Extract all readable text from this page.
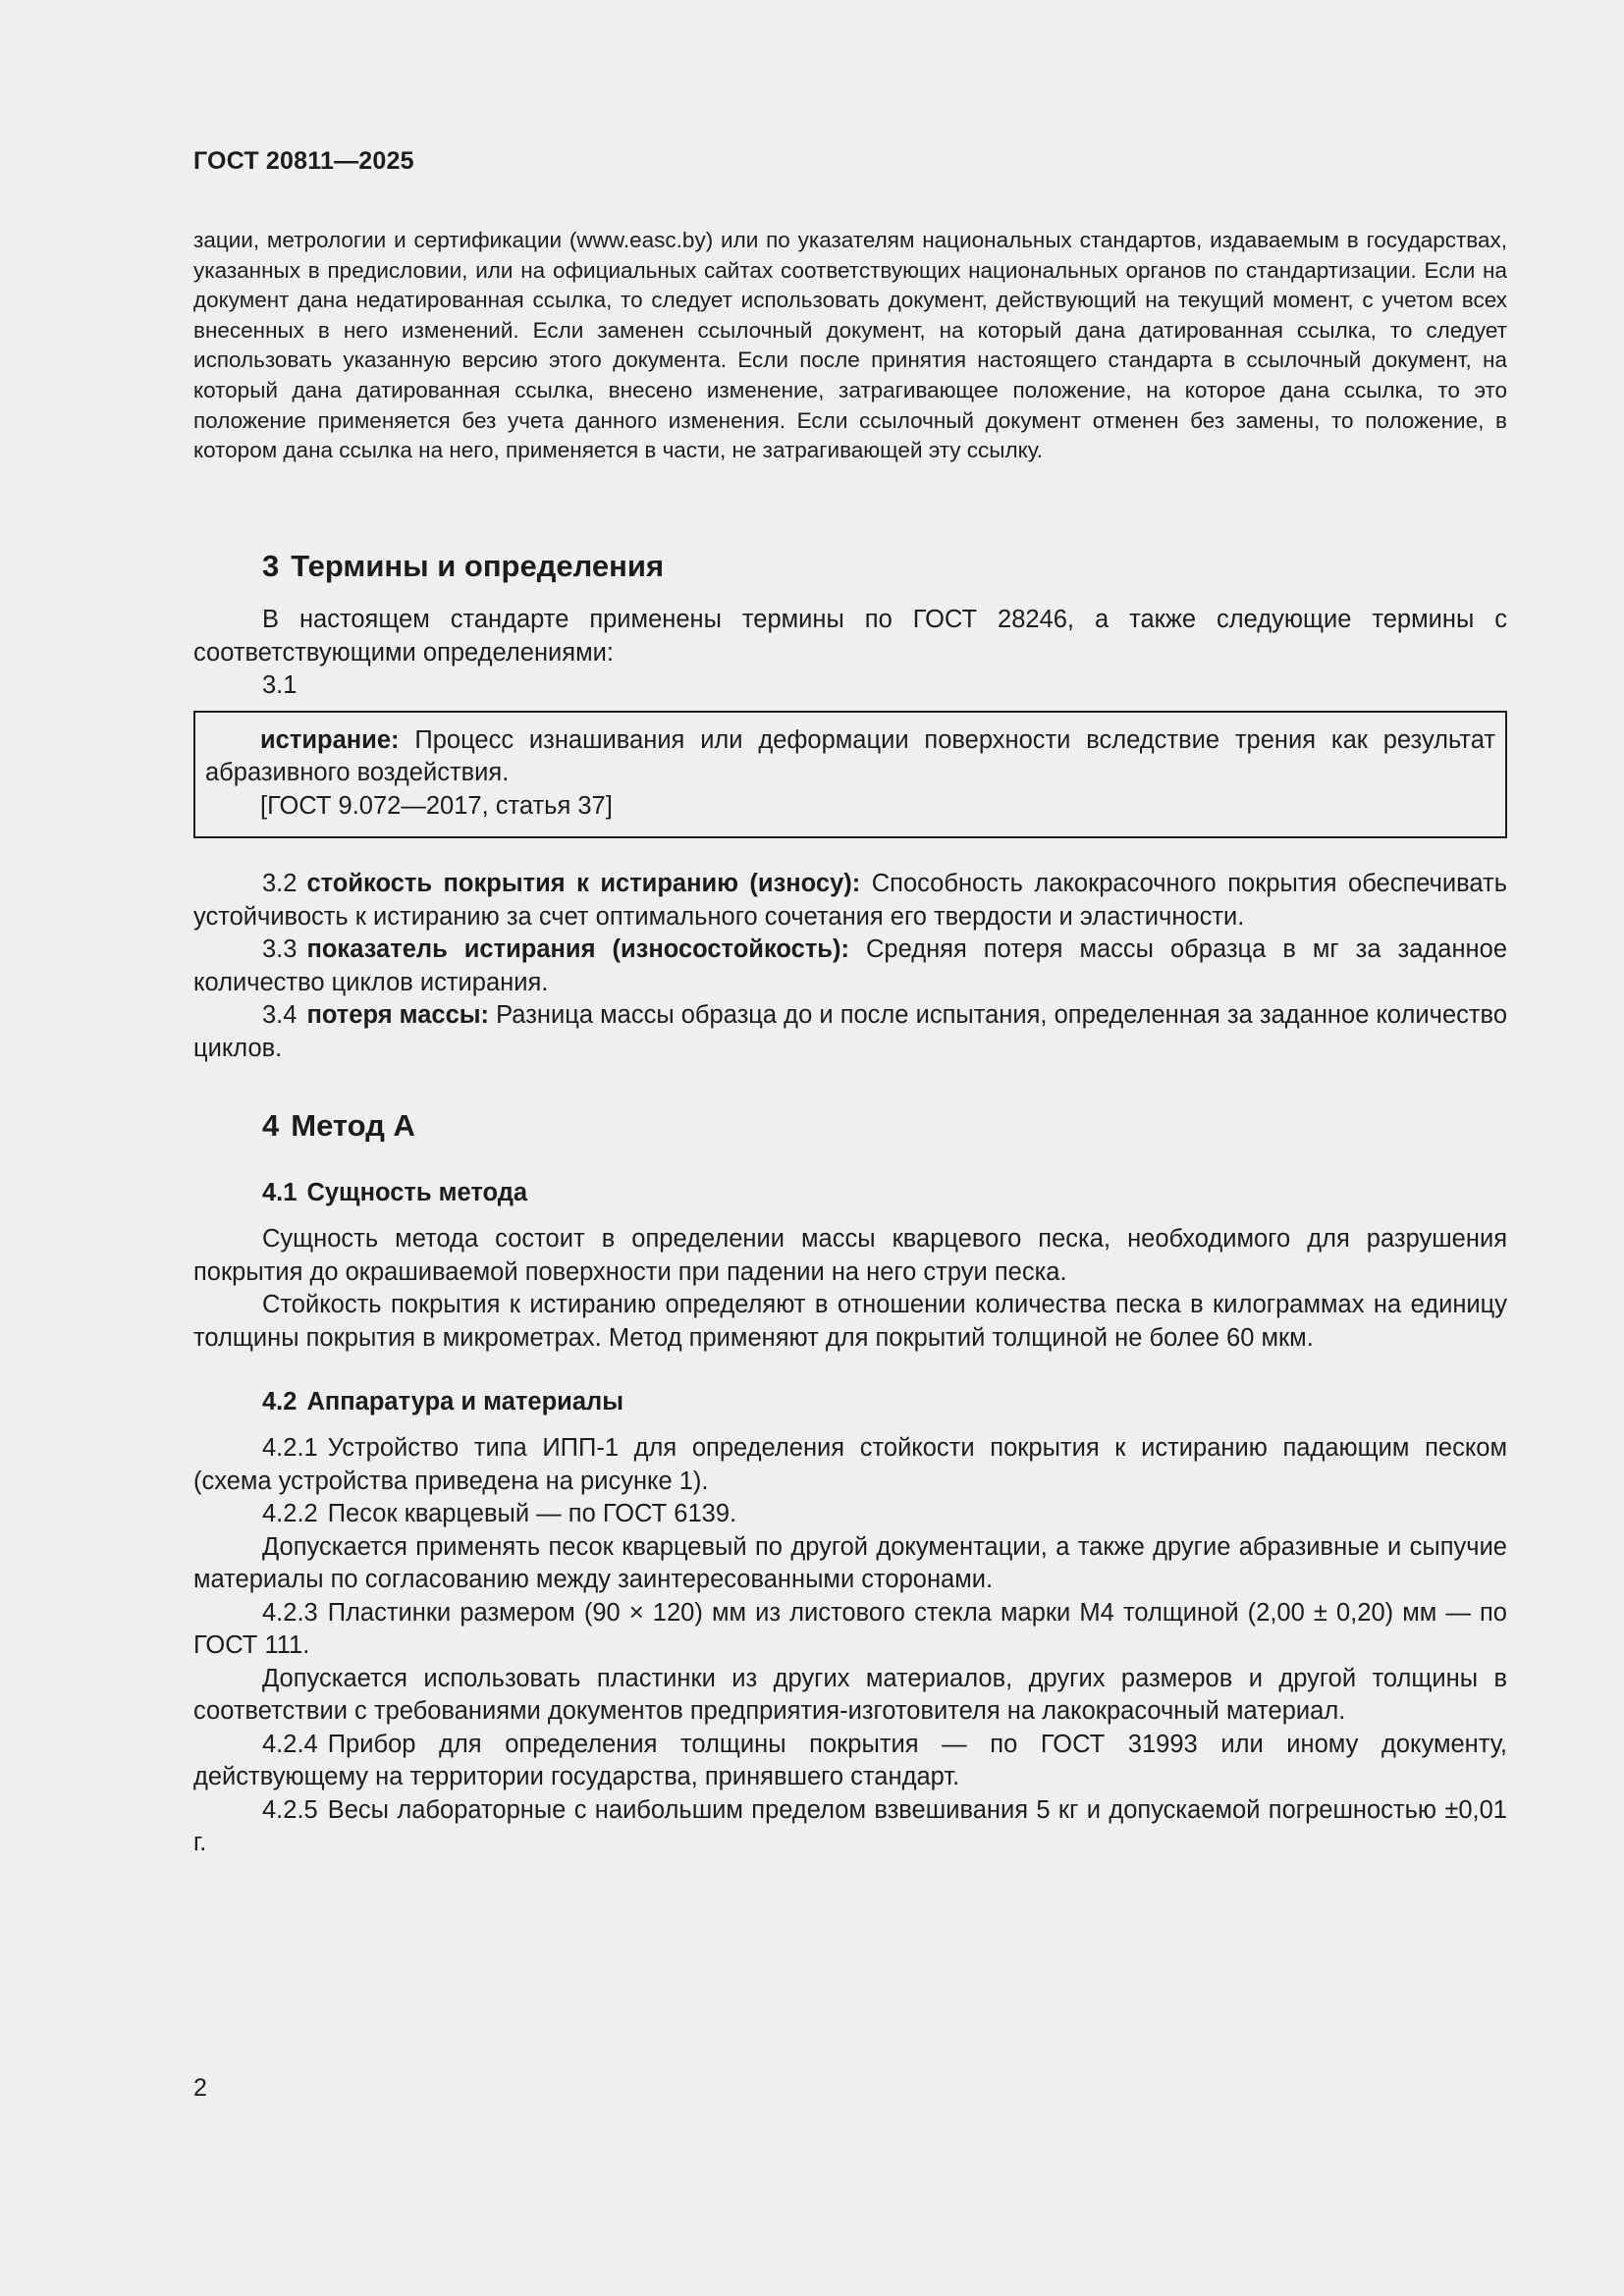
ГОСТ 20811—2025

зации, метрологии и сертификации (www.easc.by) или по указателям национальных стандартов, издаваемым в государствах, указанных в предисловии, или на официальных сайтах соответствующих национальных органов по стандартизации. Если на документ дана недатированная ссылка, то следует использовать документ, действующий на текущий момент, с учетом всех внесенных в него изменений. Если заменен ссылочный документ, на который дана датированная ссылка, то следует использовать указанную версию этого документа. Если после принятия настоящего стандарта в ссылочный документ, на который дана датированная ссылка, внесено изменение, затрагивающее положение, на которое дана ссылка, то это положение применяется без учета данного изменения. Если ссылочный документ отменен без замены, то положение, в котором дана ссылка на него, применяется в части, не затрагивающей эту ссылку.

3 Термины и определения

В настоящем стандарте применены термины по ГОСТ 28246, а также следующие термины с соответствующими определениями:

3.1

истирание: Процесс изнашивания или деформации поверхности вследствие трения как результат абразивного воздействия.

[ГОСТ 9.072—2017, статья 37]

3.2 стойкость покрытия к истиранию (износу): Способность лакокрасочного покрытия обеспечивать устойчивость к истиранию за счет оптимального сочетания его твердости и эластичности.

3.3 показатель истирания (износостойкость): Средняя потеря массы образца в мг за заданное количество циклов истирания.

3.4 потеря массы: Разница массы образца до и после испытания, определенная за заданное количество циклов.

4 Метод А
4.1 Сущность метода

Сущность метода состоит в определении массы кварцевого песка, необходимого для разрушения покрытия до окрашиваемой поверхности при падении на него струи песка.

Стойкость покрытия к истиранию определяют в отношении количества песка в килограммах на единицу толщины покрытия в микрометрах. Метод применяют для покрытий толщиной не более 60 мкм.

4.2 Аппаратура и материалы

4.2.1 Устройство типа ИПП-1 для определения стойкости покрытия к истиранию падающим песком (схема устройства приведена на рисунке 1).

4.2.2 Песок кварцевый — по ГОСТ 6139.

Допускается применять песок кварцевый по другой документации, а также другие абразивные и сыпучие материалы по согласованию между заинтересованными сторонами.

4.2.3 Пластинки размером (90 × 120) мм из листового стекла марки М4 толщиной (2,00 ± 0,20) мм — по ГОСТ 111.

Допускается использовать пластинки из других материалов, других размеров и другой толщины в соответствии с требованиями документов предприятия-изготовителя на лакокрасочный материал.

4.2.4 Прибор для определения толщины покрытия — по ГОСТ 31993 или иному документу, действующему на территории государства, принявшего стандарт.

4.2.5 Весы лабораторные с наибольшим пределом взвешивания 5 кг и допускаемой погрешностью ±0,01 г.

2
